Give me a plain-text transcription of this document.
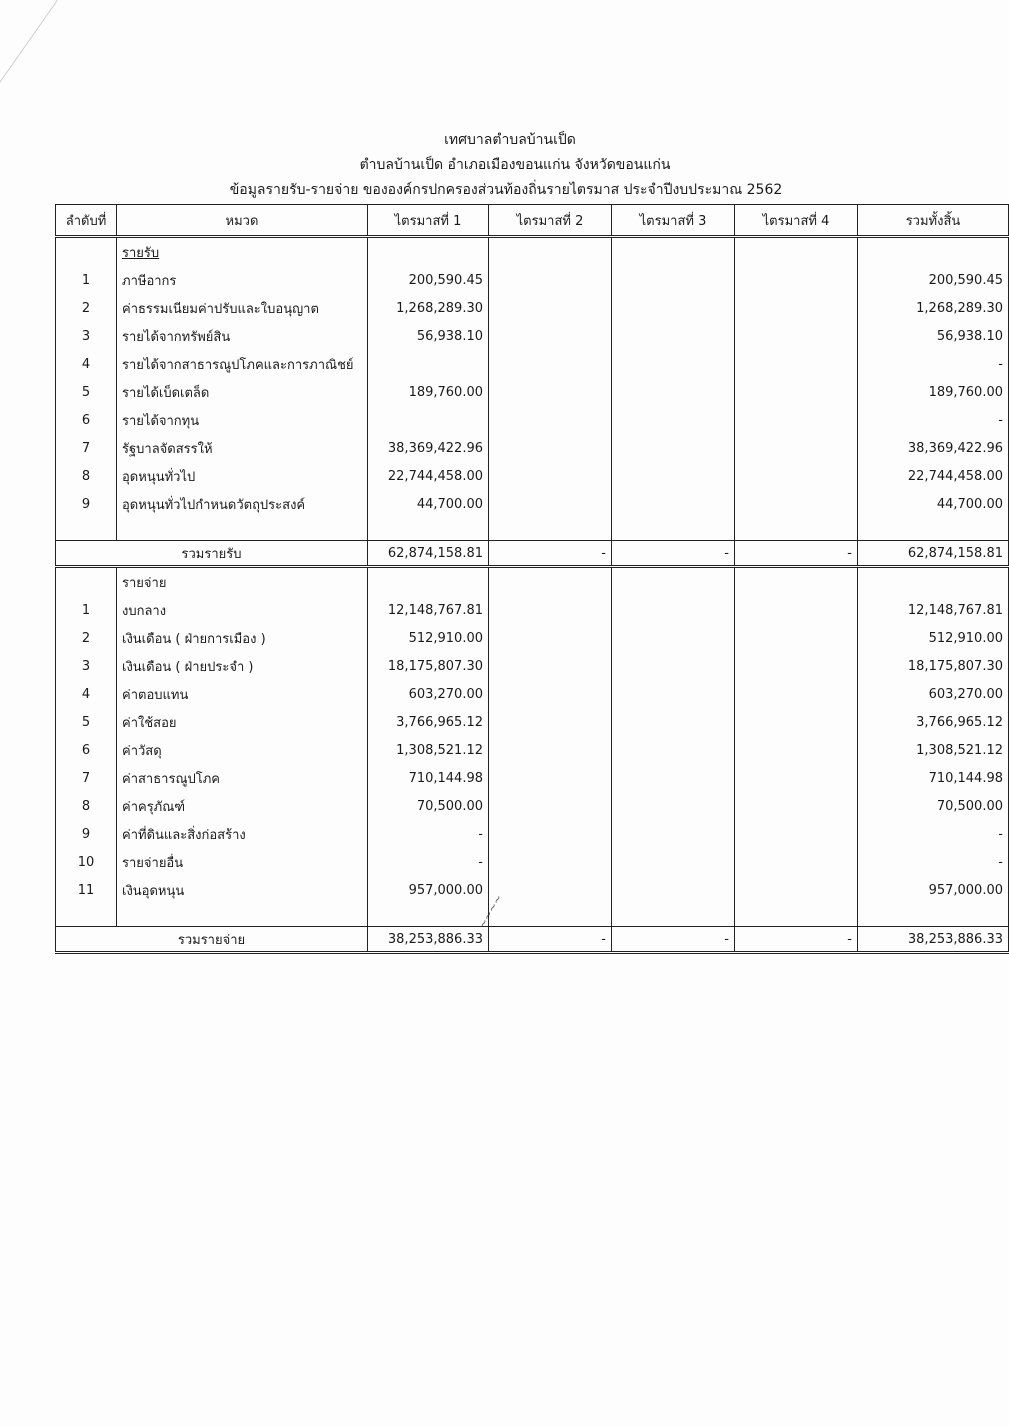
เทศบาลตำบลบ้านเป็ด
ตำบลบ้านเป็ด อำเภอเมืองขอนแก่น จังหวัดขอนแก่น
ข้อมูลรายรับ-รายจ่าย ขององค์กรปกครองส่วนท้องถิ่นรายไตรมาส ประจำปีงบประมาณ 2562
ลำดับที่	หมวด	ไตรมาสที่ 1	ไตรมาสที่ 2	ไตรมาสที่ 3	ไตรมาสที่ 4	รวมทั้งสิ้น
	รายรับ					
1	ภาษีอากร	200,590.45				200,590.45
2	ค่าธรรมเนียมค่าปรับและใบอนุญาต	1,268,289.30				1,268,289.30
3	รายได้จากทรัพย์สิน	56,938.10				56,938.10
4	รายได้จากสาธารณูปโภคและการภาณิชย์					-
5	รายได้เบ็ดเตล็ด	189,760.00				189,760.00
6	รายได้จากทุน					-
7	รัฐบาลจัดสรรให้	38,369,422.96				38,369,422.96
8	อุดหนุนทั่วไป	22,744,458.00				22,744,458.00
9	อุดหนุนทั่วไปกำหนดวัตถุประสงค์	44,700.00				44,700.00

รวมรายรับ		62,874,158.81	-	-	-	62,874,158.81
	รายจ่าย					
1	งบกลาง	12,148,767.81				12,148,767.81
2	เงินเดือน ( ฝ่ายการเมือง )	512,910.00				512,910.00
3	เงินเดือน ( ฝ่ายประจำ )	18,175,807.30				18,175,807.30
4	ค่าตอบแทน	603,270.00				603,270.00
5	ค่าใช้สอย	3,766,965.12				3,766,965.12
6	ค่าวัสดุ	1,308,521.12				1,308,521.12
7	ค่าสาธารณูปโภค	710,144.98				710,144.98
8	ค่าครุภัณฑ์	70,500.00				70,500.00
9	ค่าที่ดินและสิ่งก่อสร้าง	-				-
10	รายจ่ายอื่น	-				-
11	เงินอุดหนุน	957,000.00				957,000.00

รวมรายจ่าย		38,253,886.33	-	-	-	38,253,886.33
~~~~
